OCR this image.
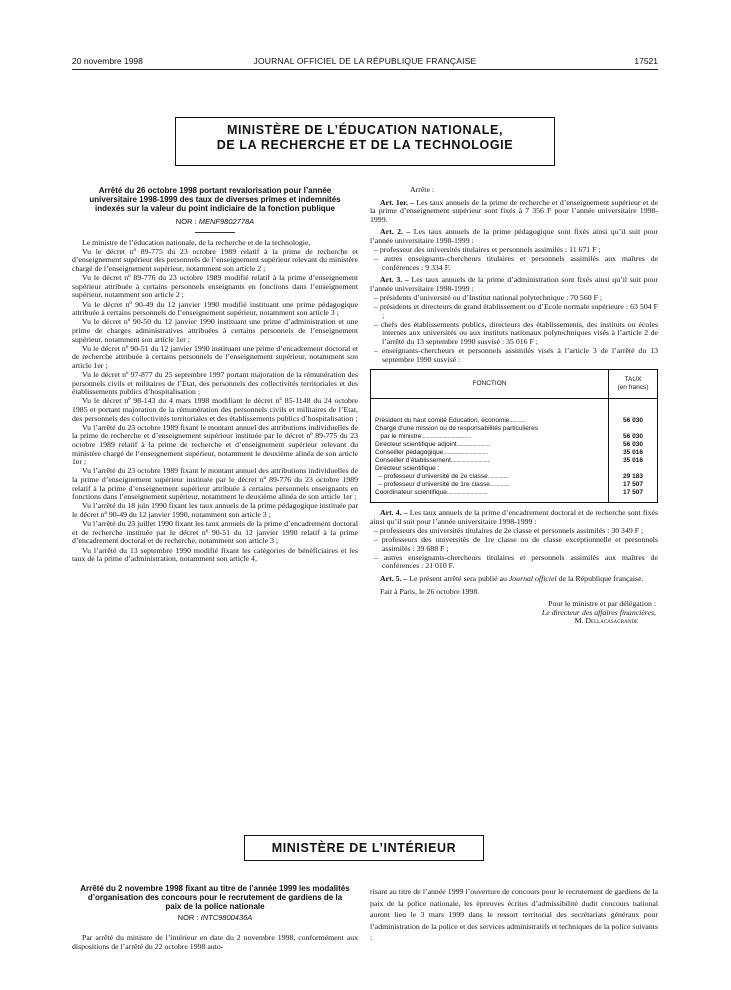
20 novembre 1998	JOURNAL OFFICIEL DE LA RÉPUBLIQUE FRANÇAISE	17521
MINISTÈRE DE L’ÉDUCATION NATIONALE,
DE LA RECHERCHE ET DE LA TECHNOLOGIE
Arrêté du 26 octobre 1998 portant revalorisation pour l’année universitaire 1998-1999 des taux de diverses primes et indemnités indexés sur la valeur du point indiciaire de la fonction publique
NOR : MENF9802778A

Le ministre de l’éducation nationale, de la recherche et de la technologie,

Vu le décret nº 89-775 du 23 octobre 1989 relatif à la prime de recherche et d’enseignement supérieur des personnels de l’enseignement supérieur relevant du ministère chargé de l’enseignement supérieur, notamment son article 2 ;

Vu le décret nº 89-776 du 23 octobre 1989 modifié relatif à la prime d’enseignement supérieur attribuée à certains personnels enseignants en fonctions dans l’enseignement supérieur, notamment son article 2 ;

Vu le décret nº 90-49 du 12 janvier 1990 modifié instituant une prime pédagogique attribuée à certains personnels de l’enseignement supérieur, notamment son article 3 ;

Vu le décret nº 90-50 du 12 janvier 1990 instituant une prime d’administration et une prime de charges administratives attribuées à certains personnels de l’enseignement supérieur, notamment son article 1er ;

Vu le décret nº 90-51 du 12 janvier 1990 instituant une prime d’encadrement doctoral et de recherche attribuée à certains personnels de l’enseignement supérieur, notamment son article 1er ;

Vu le décret nº 97-877 du 25 septembre 1997 portant majoration de la rémunération des personnels civils et militaires de l’Etat, des personnels des collectivités territoriales et des établissements publics d’hospitalisation ;

Vu le décret nº 98-143 du 4 mars 1998 modifiant le décret nº 85-1148 du 24 octobre 1985 et portant majoration de la rémunération des personnels civils et militaires de l’Etat, des personnels des collectivités territoriales et des établissements publics d’hospitalisation ;

Vu l’arrêté du 23 octobre 1989 fixant le montant annuel des attributions individuelles de la prime de recherche et d’enseignement supérieur instituée par le décret nº 89-775 du 23 octobre 1989 relatif à la prime de recherche et d’enseignement supérieur relevant du ministère chargé de l’enseignement supérieur, notamment le deuxième alinéa de son article 1er ;

Vu l’arrêté du 23 octobre 1989 fixant le montant annuel des attributions individuelles de la prime d’enseignement supérieur instituée par le décret nº 89-776 du 23 octobre 1989 relatif à la prime d’enseignement supérieur attribuée à certains personnels enseignants en fonctions dans l’enseignement supérieur, notamment le deuxième alinéa de son article 1er ;

Vu l’arrêté du 18 juin 1990 fixant les taux annuels de la prime pédagogique instituée par le décret nº 90-49 du 12 janvier 1990, notamment son article 3 ;

Vu l’arrêté du 23 juillet 1990 fixant les taux annuels de la prime d’encadrement doctoral et de recherche instituée par le décret nº 90-51 du 12 janvier 1990 relatif à la prime d’encadrement doctoral et de recherche, notamment son article 3 ;

Vu l’arrêté du 13 septembre 1990 modifié fixant les catégories de bénéficiaires et les taux de la prime d’administration, notamment son article 4,

Arrête :

Art. 1er. – Les taux annuels de la prime de recherche et d’enseignement supérieur et de la prime d’enseignement supérieur sont fixés à 7 356 F pour l’année universitaire 1998-1999.

Art. 2. – Les taux annuels de la prime pédagogique sont fixés ainsi qu’il suit pour l’année universitaire 1998-1999 :

– professeur des universités titulaires et personnels assimilés : 11 671 F ;
– autres enseignants-chercheurs titulaires et personnels assimilés aux maîtres de conférences : 9 334 F.

Art. 3. – Les taux annuels de la prime d’administration sont fixés ainsi qu’il suit pour l’année universitaire 1998-1999 :

– présidents d’université ou d’Institut national polytechnique : 70 560 F ;
– présidents et directeurs de grand établissement ou d’Ecole normale supérieure : 63 504 F ;
– chefs des établissements publics, directeurs des établissements, des instituts ou écoles internes aux universités ou aux instituts nationaux polytechniques visés à l’article 2 de l’arrêté du 13 septembre 1990 susvisé : 35 016 F ;
– enseignants-chercheurs et personnels assimilés visés à l’article 3 de l’arrêté du 13 septembre 1990 susvisé :
FONCTION	TAUX
(en francs)

Président du haut comité Education, économie............	56 030
Chargé d’une mission ou de responsabilités particulières	
par le ministre......................................	56 030
Directeur scientifique adjoint..........................	56 030
Conseiller pédagogique..................................	35 016
Conseiller d’établissement..............................	35 016
Directeur scientifique :	
– professeur d’université de 2e classe................	29 183
– professeur d’université de 1re classe...............	17 507
Coordinateur scientifique...............................	17 507

Art. 4. – Les taux annuels de la prime d’encadrement doctoral et de recherche sont fixés ainsi qu’il suit pour l’année universitaire 1998-1999 :

– professeurs des universités titulaires de 2e classe et personnels assimilés : 30 349 F ;
– professeurs des universités de 1re classe ou de classe exceptionnelle et personnels assimilés : 39 688 F ;
– autres enseignants-chercheurs titulaires et personnels assimilés aux maîtres de conférences : 21 010 F.

Art. 5. – Le présent arrêté sera publié au Journal officiel de la République française.

Fait à Paris, le 26 octobre 1998.

Pour le ministre et par délégation :
Le directeur des affaires financières,
M. Dellacasagrande
MINISTÈRE DE L’INTÉRIEUR
Arrêté du 2 novembre 1998 fixant au titre de l’année 1999 les modalités d’organisation des concours pour le recrutement de gardiens de la paix de la police nationale
NOR : INTC9800436A

Par arrêté du ministre de l’intérieur en date du 2 novembre 1998, conformément aux dispositions de l’arrêté du 22 octobre 1998 auto-

risant au titre de l’année 1999 l’ouverture de concours pour le recrutement de gardiens de la paix de la police nationale, les épreuves écrites d’admissibilité dudit concours national auront lieu le 3 mars 1999 dans le ressort territorial des secrétariats généraux pour l’administration de la police et des services administratifs et techniques de la police suivants :
